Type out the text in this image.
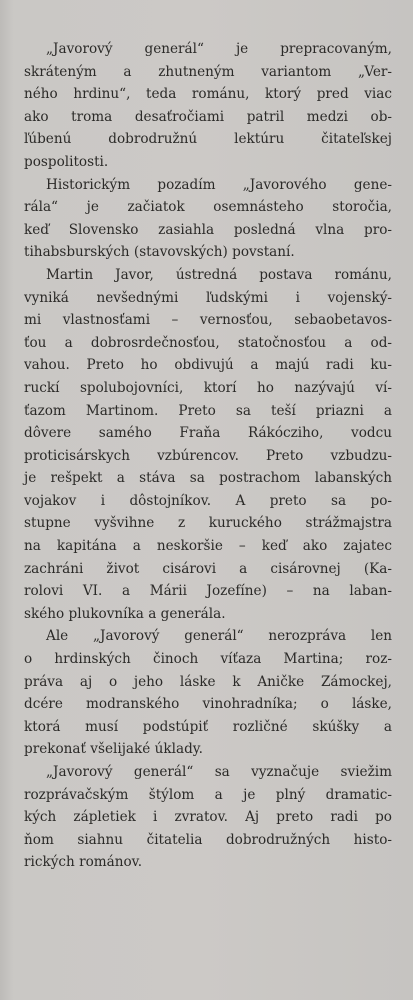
„Javorový generál“ je prepracovaným,
skráteným a zhutneným variantom „Ver-
ného hrdinu“, teda románu, ktorý pred viac
ako troma desaťročiami patril medzi ob-
ľúbenú dobrodružnú lektúru čitateľskej
pospolitosti.
Historickým pozadím „Javorového gene-
rála“ je začiatok osemnásteho storočia,
keď Slovensko zasiahla posledná vlna pro-
tihabsburských (stavovských) povstaní.
Martin Javor, ústredná postava románu,
vyniká nevšednými ľudskými i vojenský-
mi vlastnosťami – vernosťou, sebaobetavos-
ťou a dobrosrdečnosťou, statočnosťou a od-
vahou. Preto ho obdivujú a majú radi ku-
ruckí spolubojovníci, ktorí ho nazývajú ví-
ťazom Martinom. Preto sa teší priazni a
dôvere samého Fraňa Rákócziho, vodcu
proticisárskych vzbúrencov. Preto vzbudzu-
je rešpekt a stáva sa postrachom labanských
vojakov i dôstojníkov. A preto sa po-
stupne vyšvihne z kuruckého strážmajstra
na kapitána a neskoršie – keď ako zajatec
zachráni život cisárovi a cisárovnej (Ka-
rolovi VI. a Márii Jozefíne) – na laban-
ského plukovníka a generála.
Ale „Javorový generál“ nerozpráva len
o hrdinských činoch víťaza Martina; roz-
práva aj o jeho láske k Aničke Zámockej,
dcére modranského vinohradníka; o láske,
ktorá musí podstúpiť rozličné skúšky a
prekonať všelijaké úklady.
„Javorový generál“ sa vyznačuje sviežim
rozprávačským štýlom a je plný dramatic-
kých zápletiek i zvratov. Aj preto radi po
ňom siahnu čitatelia dobrodružných histo-
rických románov.
